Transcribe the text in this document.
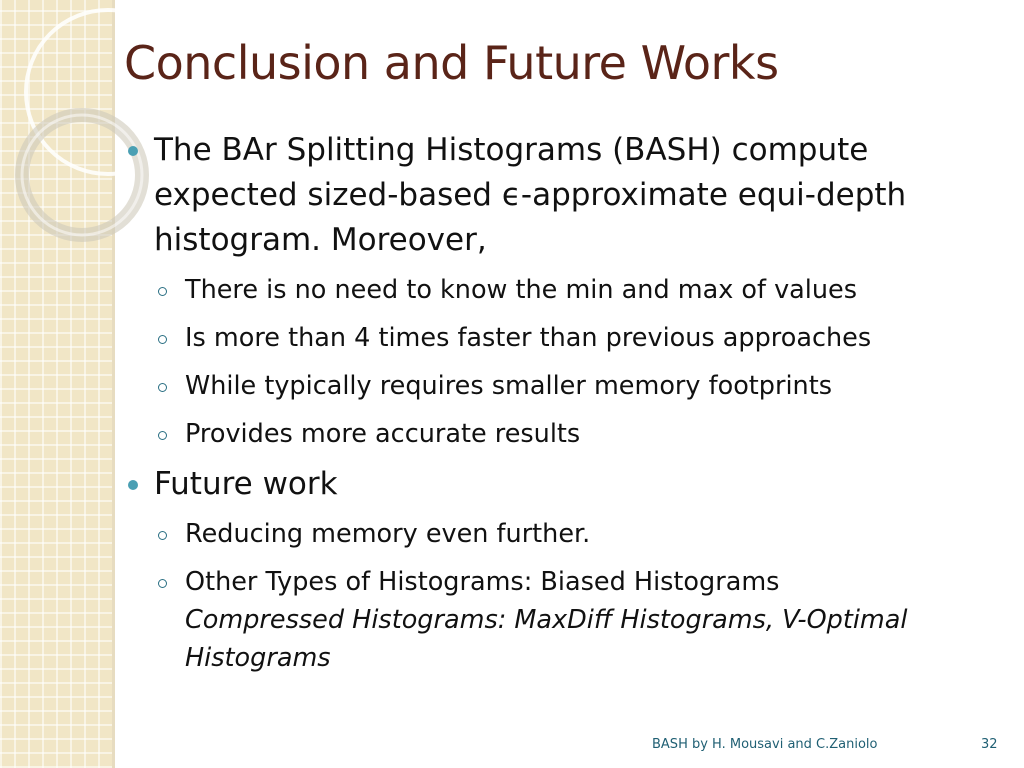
Conclusion and Future Works
The BAr Splitting Histograms (BASH) compute expected sized-based ϵ-approximate equi-depth histogram. Moreover,
There is no need to know the min and max of values
Is more than 4 times faster than previous approaches
While typically requires smaller memory footprints
Provides more accurate results
Future work
Reducing memory even further.
Other Types of Histograms: Biased Histograms
Compressed Histograms: MaxDiff Histograms, V-Optimal Histograms
BASH by H. Mousavi and C.Zaniolo	32
